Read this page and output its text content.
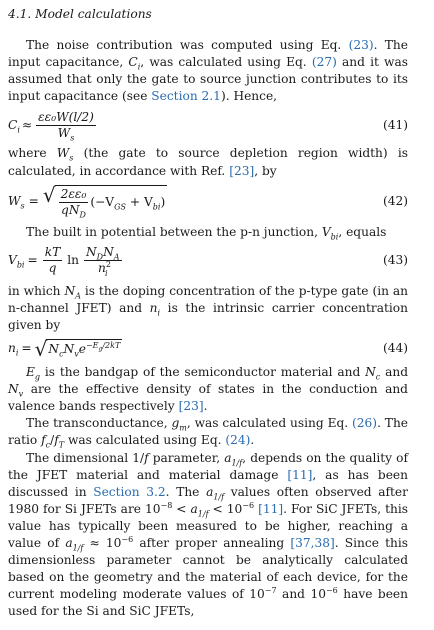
4.1. Model calculations

The noise contribution was computed using Eq. (23). The input capacitance, $C_i$, was calculated using Eq. (27) and it was assumed that only the gate to source junction contributes to its input capacitance (see Section 2.1). Hence,

$C_i \approx \frac{\text{εε₀W(l/2)}}{W_s}$	(41)

where $W_s$ (the gate to source depletion region width) is calculated, in accordance with Ref. [23], by

$W_s$ = √ $\frac{\text{2εε₀}}{qN_D} (-V_{GS} + V_{bi})$	(42)

The built in potential between the p-n junction, $V_{bi}$, equals

$V_{bi} = \frac{kT}{q}$ $\ln \frac{N_DN_A}{n^2_i}$	(43)

in which $N_A$ is the doping concentration of the p-type gate (in an n-channel JFET) and $n_i$ is the intrinsic carrier concentration given by

$n_i$ = √ $N_cN_ve^{-E_g/2kT}$	(44)

$E_g$ is the bandgap of the semiconductor material and $N_c$ and $N_v$ are the effective density of states in the conduction and valence bands respectively [23].

The transconductance, $g_m$, was calculated using Eq. (26). The ratio $f_c/f_T$ was calculated using Eq. (24).

The dimensional 1/f parameter, $a_{1/f}$, depends on the quality of the JFET material and material damage [11], as has been discussed in Section 3.2. The $a_{1/f}$ values often observed after 1980 for Si JFETs are $10^{-8} < a_{1/f} < 10^{-6}$ [11]. For SiC JFETs, this value has typically been measured to be higher, reaching a value of $a_{1/f} \approx 10^{-6}$ after proper annealing [37,38]. Since this dimensionless parameter cannot be analytically calculated based on the geometry and the material of each device, for the current modeling moderate values of $10^{-7}$ and $10^{-6}$ have been used for the Si and SiC JFETs,
